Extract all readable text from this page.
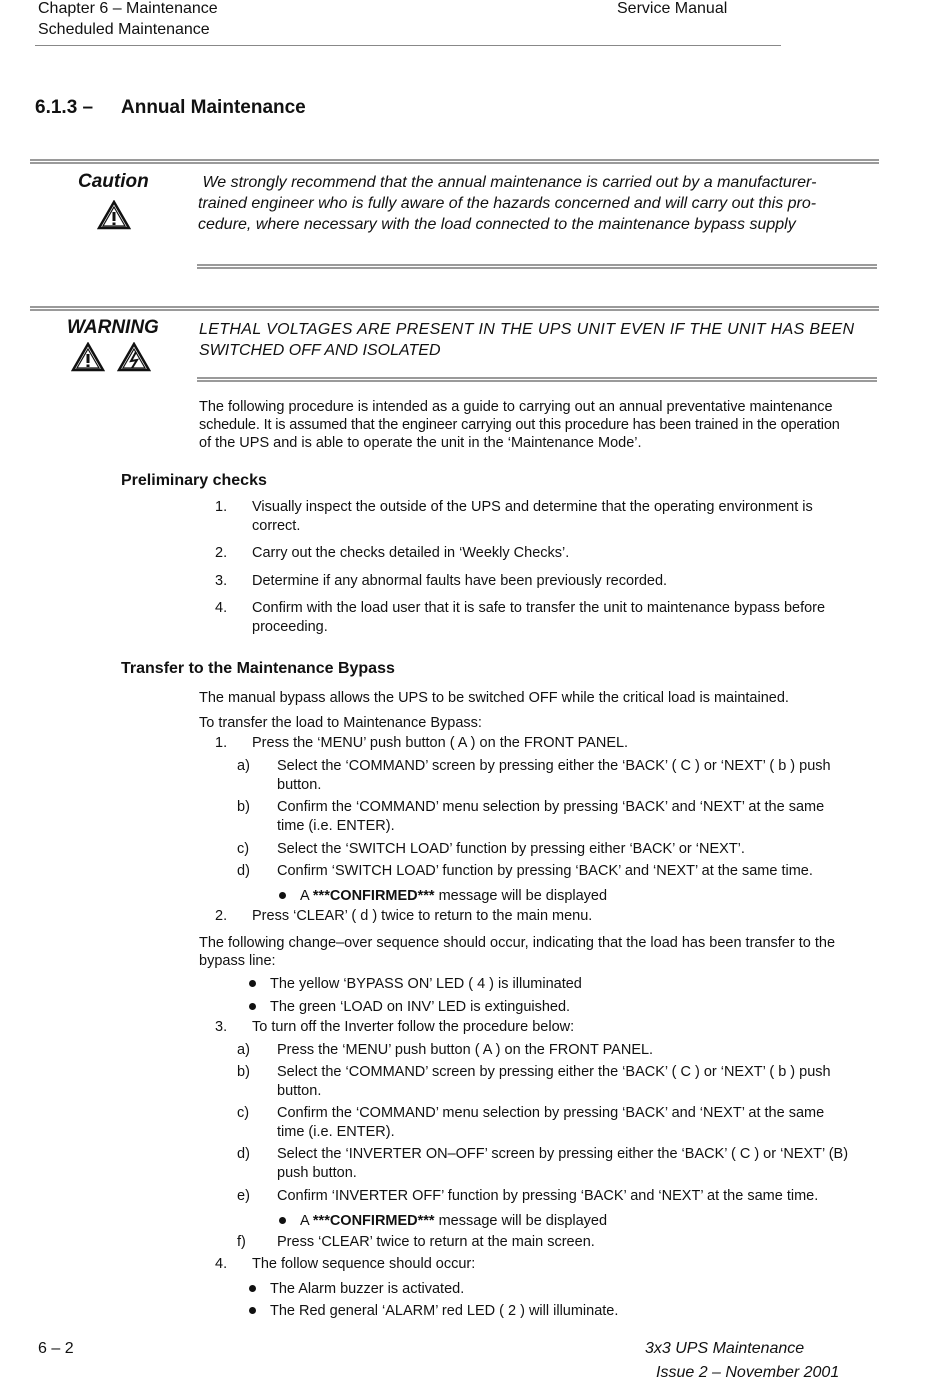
Chapter 6 – Maintenance
Scheduled Maintenance
Service Manual
6.1.3 – Annual Maintenance
Caution	We strongly recommend that the annual maintenance is carried out by a manufacturer-
trained engineer who is fully aware of the hazards concerned and will carry out this pro-
cedure, where necessary with the load connected to the maintenance bypass supply
WARNING	LETHAL VOLTAGES ARE PRESENT IN THE UPS UNIT EVEN IF THE UNIT HAS BEEN
SWITCHED OFF AND ISOLATED
The following procedure is intended as a guide to carrying out an annual preventative maintenance
schedule. It is assumed that the engineer carrying out this procedure has been trained in the operation
of the UPS and is able to operate the unit in the ‘Maintenance Mode’.
Preliminary checks
1. Visually inspect the outside of the UPS and determine that the operating environment is
correct.
2. Carry out the checks detailed in ‘Weekly Checks’.
3. Determine if any abnormal faults have been previously recorded.
4. Confirm with the load user that it is safe to transfer the unit to maintenance bypass before
proceeding.
Transfer to the Maintenance Bypass
The manual bypass allows the UPS to be switched OFF while the critical load is maintained.
To transfer the load to Maintenance Bypass:
1. Press the ‘MENU’ push button ( A ) on the FRONT PANEL.
a) Select the ‘COMMAND’ screen by pressing either the ‘BACK’ ( C ) or ‘NEXT’ ( b ) push
button.
b) Confirm the ‘COMMAND’ menu selection by pressing ‘BACK’ and ‘NEXT’ at the same
time (i.e. ENTER).
c) Select the ‘SWITCH LOAD’ function by pressing either ‘BACK’ or ‘NEXT’.
d) Confirm ‘SWITCH LOAD’ function by pressing ‘BACK’ and ‘NEXT’ at the same time.
A ***CONFIRMED*** message will be displayed
2. Press ‘CLEAR’ ( d ) twice to return to the main menu.
The following change–over sequence should occur, indicating that the load has been transfer to the
bypass line:
The yellow ‘BYPASS ON’ LED ( 4 ) is illuminated
The green ‘LOAD on INV’ LED is extinguished.
3. To turn off the Inverter follow the procedure below:
a) Press the ‘MENU’ push button ( A ) on the FRONT PANEL.
b) Select the ‘COMMAND’ screen by pressing either the ‘BACK’ ( C ) or ‘NEXT’ ( b ) push
button.
c) Confirm the ‘COMMAND’ menu selection by pressing ‘BACK’ and ‘NEXT’ at the same
time (i.e. ENTER).
d) Select the ‘INVERTER ON–OFF’ screen by pressing either the ‘BACK’ ( C ) or ‘NEXT’ (B)
push button.
e) Confirm ‘INVERTER OFF’ function by pressing ‘BACK’ and ‘NEXT’ at the same time.
A ***CONFIRMED*** message will be displayed
f) Press ‘CLEAR’ twice to return at the main screen.
4. The follow sequence should occur:
The Alarm buzzer is activated.
The Red general ‘ALARM’ red LED ( 2 ) will illuminate.
6 – 2	3x3 UPS Maintenance
Issue 2 – November 2001
